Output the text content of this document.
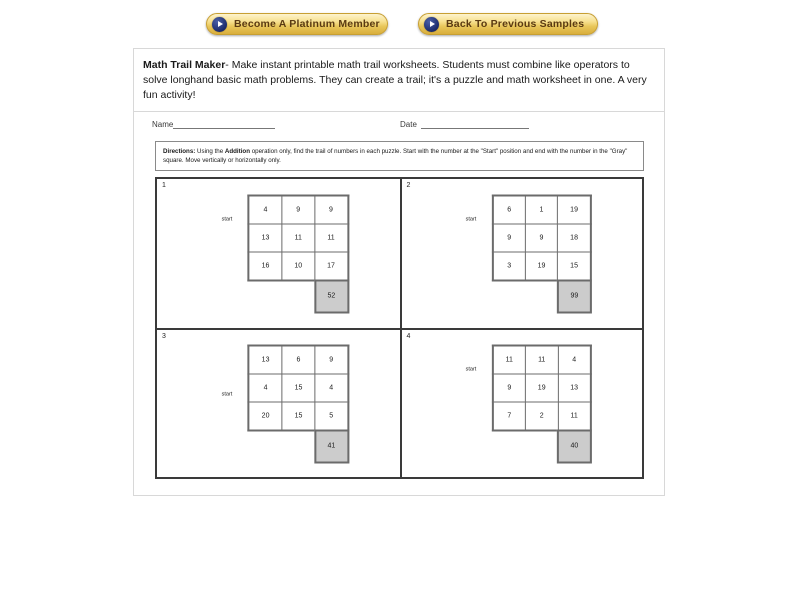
Become A Platinum Member	Back To Previous Samples
Math Trail Maker- Make instant printable math trail worksheets. Students must combine like operators to solve longhand basic math problems. They can create a trail; it's a puzzle and math worksheet in one. A very fun activity!
Name	Date
Directions: Using the Addition operation only, find the trail of numbers in each puzzle. Start with the number at the "Start" position and end with the number in the "Gray" square. Move vertically or horizontally only.
1
start
4	9	9
13	11	11
16	10	17
52
2
start
6	1	19
9	9	18
3	19	15
99
3
start
13	6	9
4	15	4
20	15	5
41
4
start
11	11	4
9	19	13
7	2	11
40
